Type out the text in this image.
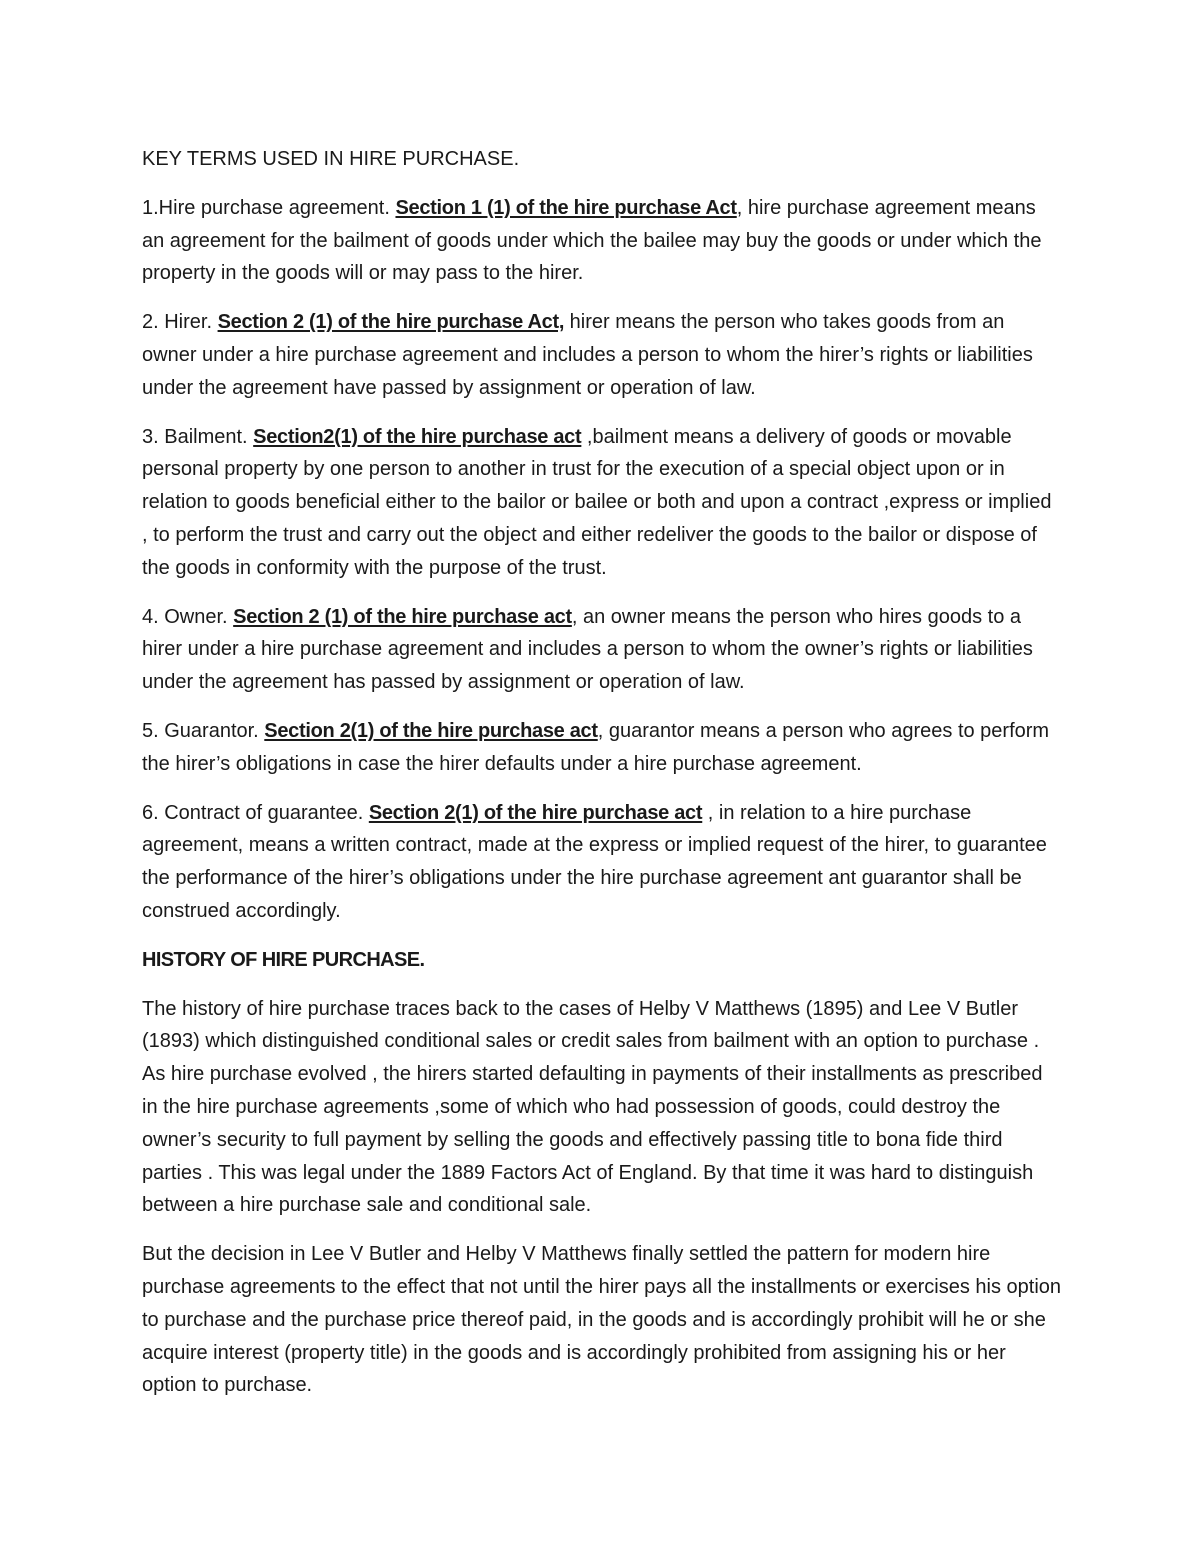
KEY TERMS USED IN HIRE PURCHASE.

1.Hire purchase agreement. Section 1 (1) of the hire purchase Act, hire purchase agreement means an agreement for the bailment of goods under which the bailee may buy the goods or under which the property in the goods will or may pass to the hirer.

2. Hirer. Section 2 (1) of the hire purchase Act, hirer means the person who takes goods from an owner under a hire purchase agreement and includes a person to whom the hirer’s rights or liabilities under the agreement have passed by assignment or operation of law.

3. Bailment. Section2(1) of the hire purchase act ,bailment means a delivery of goods or movable personal property by one person to another in trust for the execution of a special object upon or in relation to goods beneficial either to the bailor or bailee or both and upon a contract ,express or implied , to perform the trust and carry out the object and either redeliver the goods to the bailor or dispose of the goods in conformity with the purpose of the trust.

4. Owner. Section 2 (1) of the hire purchase act, an owner means the person who hires goods to a hirer under a hire purchase agreement and includes a person to whom the owner’s rights or liabilities under the agreement has passed by assignment or operation of law.

5. Guarantor. Section 2(1) of the hire purchase act, guarantor means a person who agrees to perform the hirer’s obligations in case the hirer defaults under a hire purchase agreement.

6. Contract of guarantee. Section 2(1) of the hire purchase act , in relation to a hire purchase agreement, means a written contract, made at the express or implied request of the hirer, to guarantee the performance of the hirer’s obligations under the hire purchase agreement ant guarantor shall be construed accordingly.

HISTORY OF HIRE PURCHASE.

The history of hire purchase traces back to the cases of Helby V Matthews (1895) and Lee V Butler (1893) which distinguished conditional sales or credit sales from bailment with an option to purchase . As hire purchase evolved , the hirers started defaulting in payments of their installments as prescribed in the hire purchase agreements ,some of which who had possession of goods, could destroy the owner’s security to full payment by selling the goods and effectively passing title to bona fide third parties . This was legal under the 1889 Factors Act of England. By that time it was hard to distinguish between a hire purchase sale and conditional sale.

But the decision in Lee V Butler and Helby V Matthews finally settled the pattern for modern hire purchase agreements to the effect that not until the hirer pays all the installments or exercises his option to purchase and the purchase price thereof paid, in the goods and is accordingly prohibit will he or she acquire interest (property title) in the goods and is accordingly prohibited from assigning his or her option to purchase.
